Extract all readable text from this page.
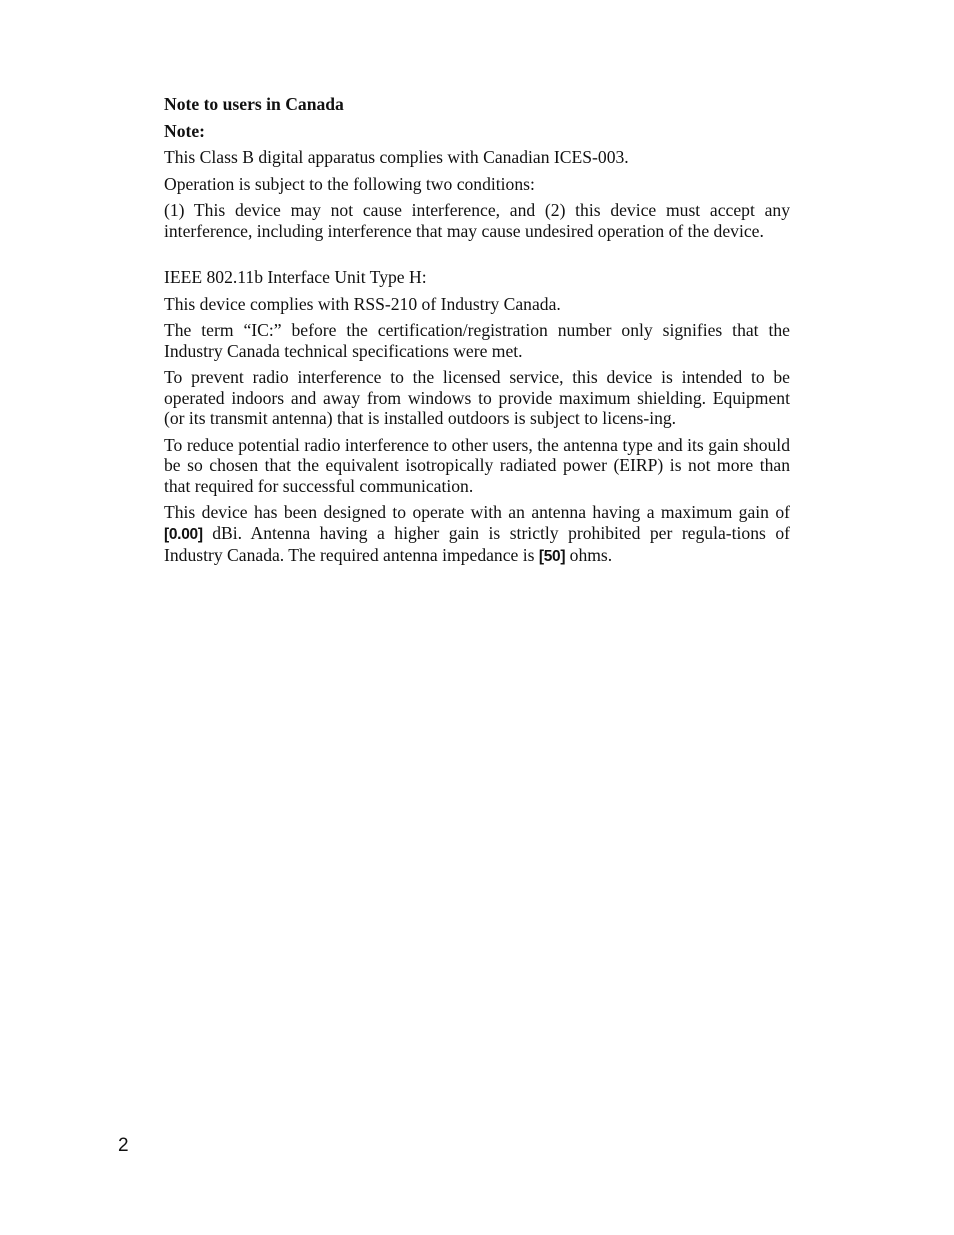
Note to users in Canada
Note:

This Class B digital apparatus complies with Canadian ICES-003.

Operation is subject to the following two conditions:

(1) This device may not cause interference, and (2) this device must accept any interference, including interference that may cause undesired operation of the device.

IEEE 802.11b Interface Unit Type H:

This device complies with RSS-210 of Industry Canada.

The term “IC:” before the certification/registration number only signifies that the Industry Canada technical specifications were met.

To prevent radio interference to the licensed service, this device is intended to be operated indoors and away from windows to provide maximum shielding. Equipment (or its transmit antenna) that is installed outdoors is subject to licens-ing.

To reduce potential radio interference to other users, the antenna type and its gain should be so chosen that the equivalent isotropically radiated power (EIRP) is not more than that required for successful communication.

This device has been designed to operate with an antenna having a maximum gain of [0.00] dBi. Antenna having a higher gain is strictly prohibited per regula-tions of Industry Canada. The required antenna impedance is [50] ohms.

2
